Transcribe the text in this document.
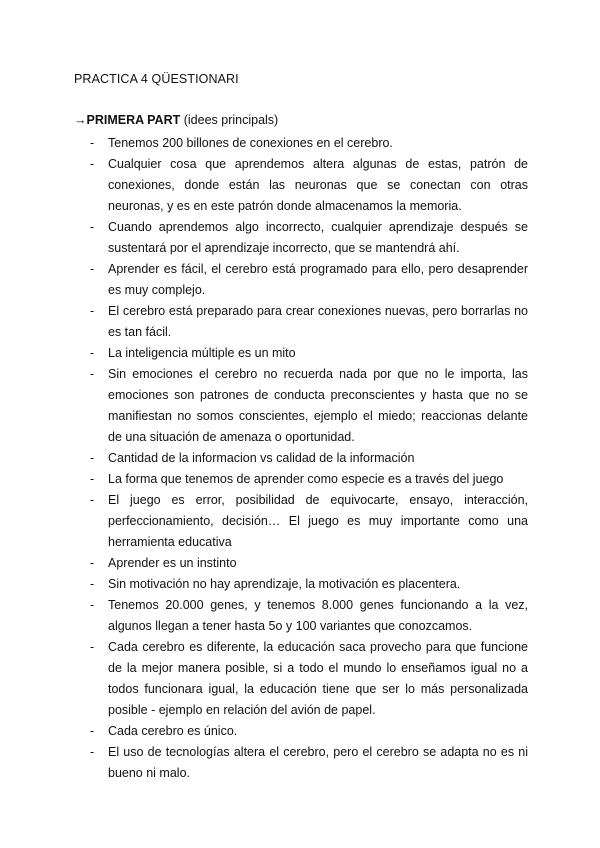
PRACTICA 4 QÜESTIONARI
→PRIMERA PART (idees principals)
- Tenemos 200 billones de conexiones en el cerebro.
- Cualquier cosa que aprendemos altera algunas de estas, patrón de conexiones, donde están las neuronas que se conectan con otras neuronas, y es en este patrón donde almacenamos la memoria.
- Cuando aprendemos algo incorrecto, cualquier aprendizaje después se sustentará por el aprendizaje incorrecto, que se mantendrá ahí.
- Aprender es fácil, el cerebro está programado para ello, pero desaprender es muy complejo.
- El cerebro está preparado para crear conexiones nuevas, pero borrarlas no es tan fácil.
- La inteligencia múltiple es un mito
- Sin emociones el cerebro no recuerda nada por que no le importa, las emociones son patrones de conducta preconscientes y hasta que no se manifiestan no somos conscientes, ejemplo el miedo; reaccionas delante de una situación de amenaza o oportunidad.
- Cantidad de la informacion vs calidad de la información
- La forma que tenemos de aprender como especie es a través del juego
- El juego es error, posibilidad de equivocarte, ensayo, interacción, perfeccionamiento, decisión… El juego es muy importante como una herramienta educativa
- Aprender es un instinto
- Sin motivación no hay aprendizaje, la motivación es placentera.
- Tenemos 20.000 genes, y tenemos 8.000 genes funcionando a la vez, algunos llegan a tener hasta 5o y 100 variantes que conozcamos.
- Cada cerebro es diferente, la educación saca provecho para que funcione de la mejor manera posible, si a todo el mundo lo enseñamos igual no a todos funcionara igual, la educación tiene que ser lo más personalizada posible - ejemplo en relación del avión de papel.
- Cada cerebro es único.
- El uso de tecnologías altera el cerebro, pero el cerebro se adapta no es ni bueno ni malo.
